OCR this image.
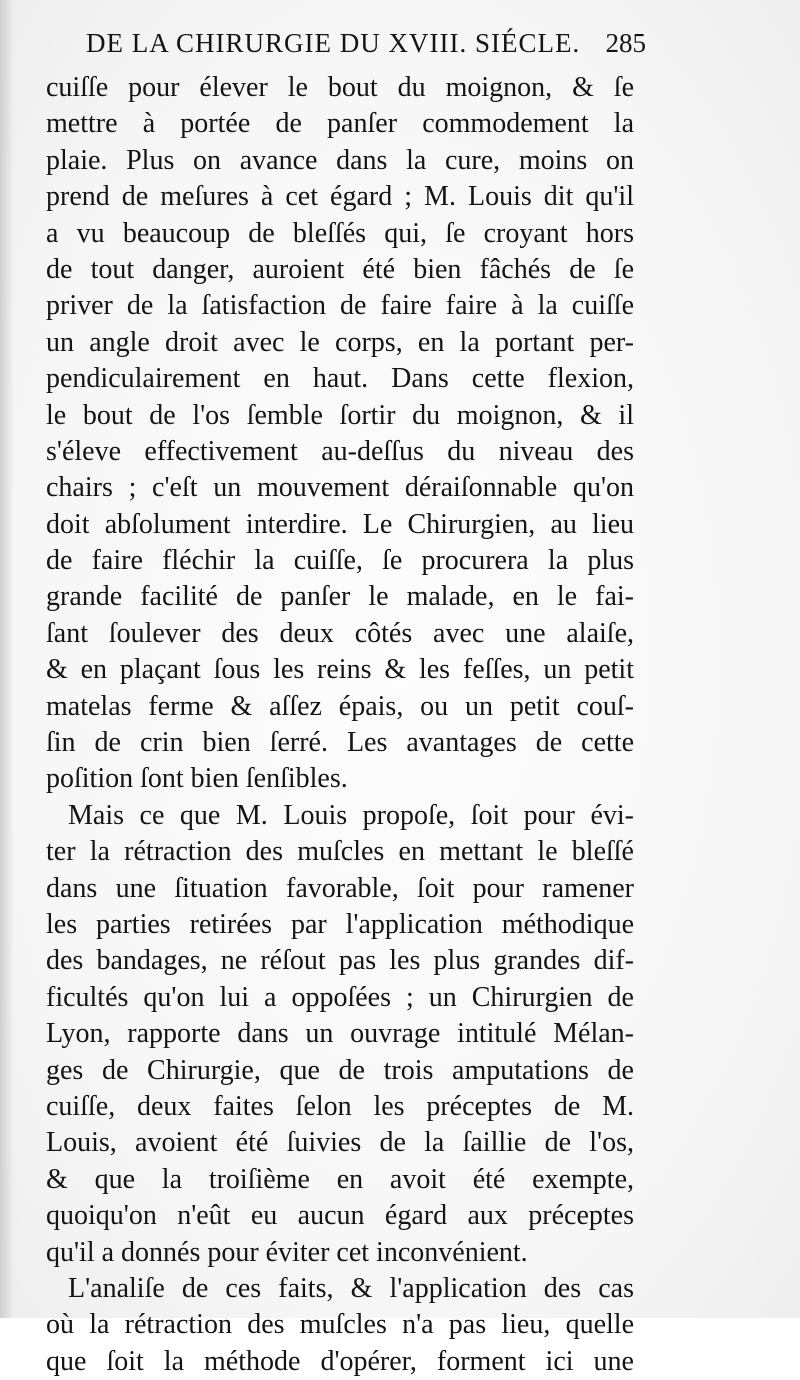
DE LA CHIRURGIE DU XVIII. SIÉCLE. 285
cuiſſe pour élever le bout du moignon, & ſe
mettre à portée de panſer commodement la
plaie. Plus on avance dans la cure, moins on
prend de meſures à cet égard ; M. Louis dit qu'il
a vu beaucoup de bleſſés qui, ſe croyant hors
de tout danger, auroient été bien fâchés de ſe
priver de la ſatisfaction de faire faire à la cuiſſe
un angle droit avec le corps, en la portant per-
pendiculairement en haut. Dans cette flexion,
le bout de l'os ſemble ſortir du moignon, & il
s'éleve effectivement au-deſſus du niveau des
chairs ; c'eſt un mouvement déraiſonnable qu'on
doit abſolument interdire. Le Chirurgien, au lieu
de faire fléchir la cuiſſe, ſe procurera la plus
grande facilité de panſer le malade, en le fai-
ſant ſoulever des deux côtés avec une alaiſe,
& en plaçant ſous les reins & les feſſes, un petit
matelas ferme & aſſez épais, ou un petit couſ-
ſin de crin bien ſerré. Les avantages de cette
poſition ſont bien ſenſibles.
Mais ce que M. Louis propoſe, ſoit pour évi-
ter la rétraction des muſcles en mettant le bleſſé
dans une ſituation favorable, ſoit pour ramener
les parties retirées par l'application méthodique
des bandages, ne réſout pas les plus grandes dif-
ficultés qu'on lui a oppoſées ; un Chirurgien de
Lyon, rapporte dans un ouvrage intitulé Mélan-
ges de Chirurgie, que de trois amputations de
cuiſſe, deux faites ſelon les préceptes de M.
Louis, avoient été ſuivies de la ſaillie de l'os,
& que la troiſième en avoit été exempte,
quoiqu'on n'eût eu aucun égard aux préceptes
qu'il a donnés pour éviter cet inconvénient.
L'analiſe de ces faits, & l'application des cas
où la rétraction des muſcles n'a pas lieu, quelle
que ſoit la méthode d'opérer, forment ici une
